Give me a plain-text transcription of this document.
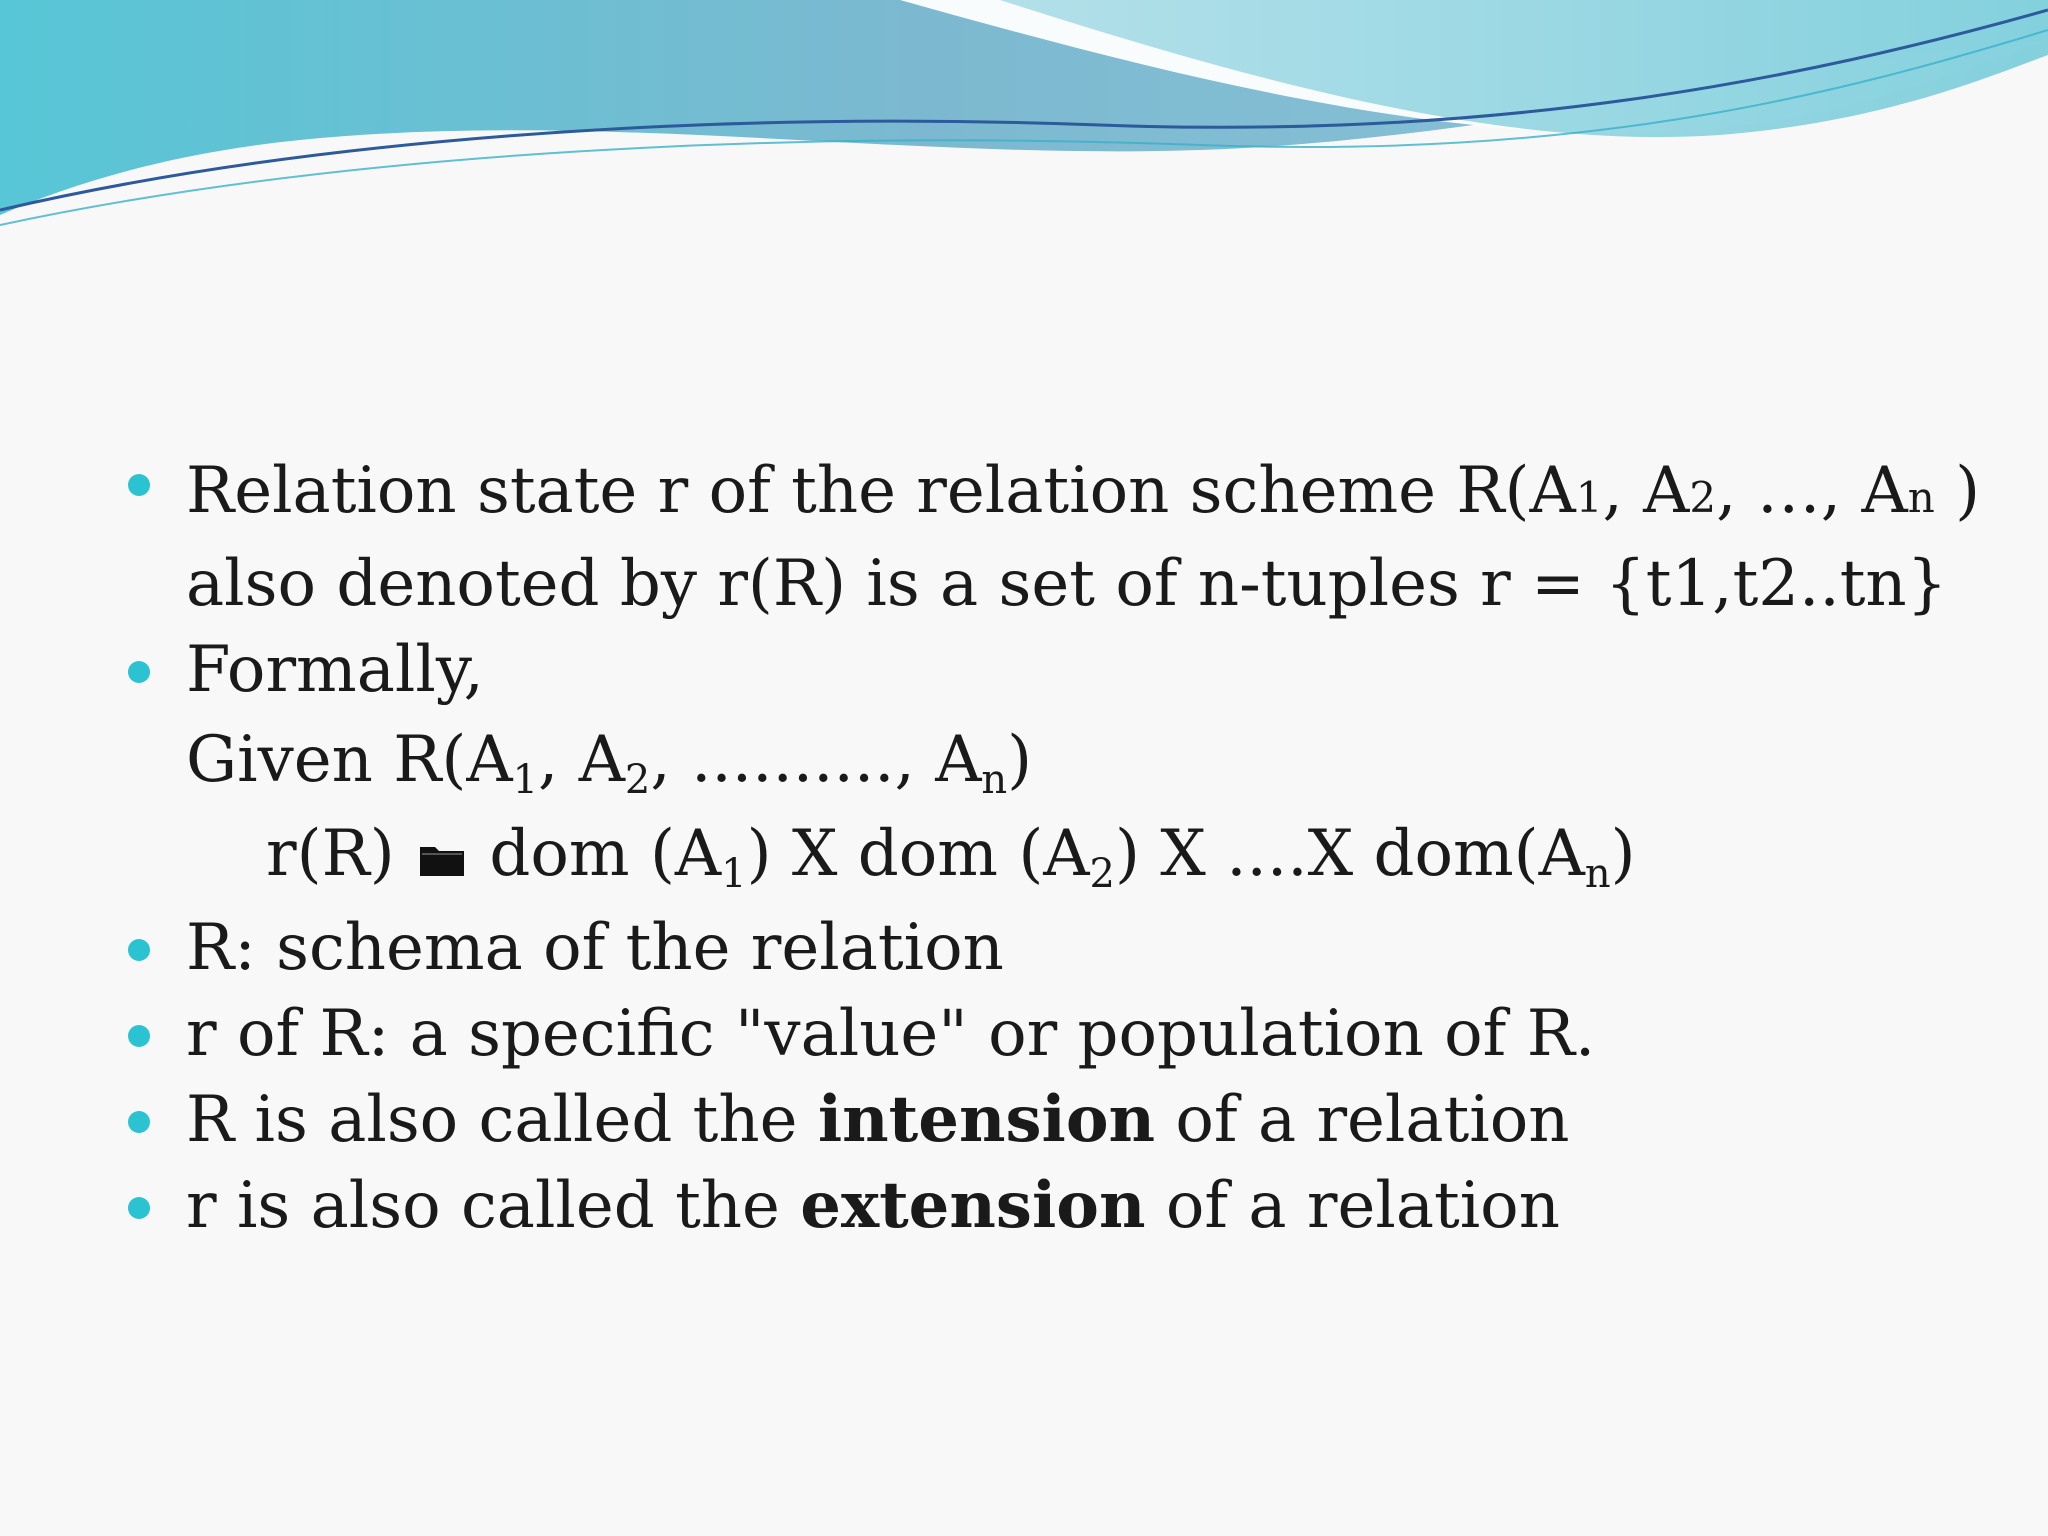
Relation state r of the relation scheme R(A1, A2, …, An )
also denoted by r(R) is a set of n-tuples r = {t1,t2..tn}
Formally,
Given $R(A_1$, $A_2$, .........., $A_n$)
r(R)  dom $(A_1)$ X dom $(A_2)$ X ....X $dom(A_n)$
R: schema of the relation
r of R: a specific "value" or population of R.
R is also called the intension of a relation
r is also called the extension of a relation
